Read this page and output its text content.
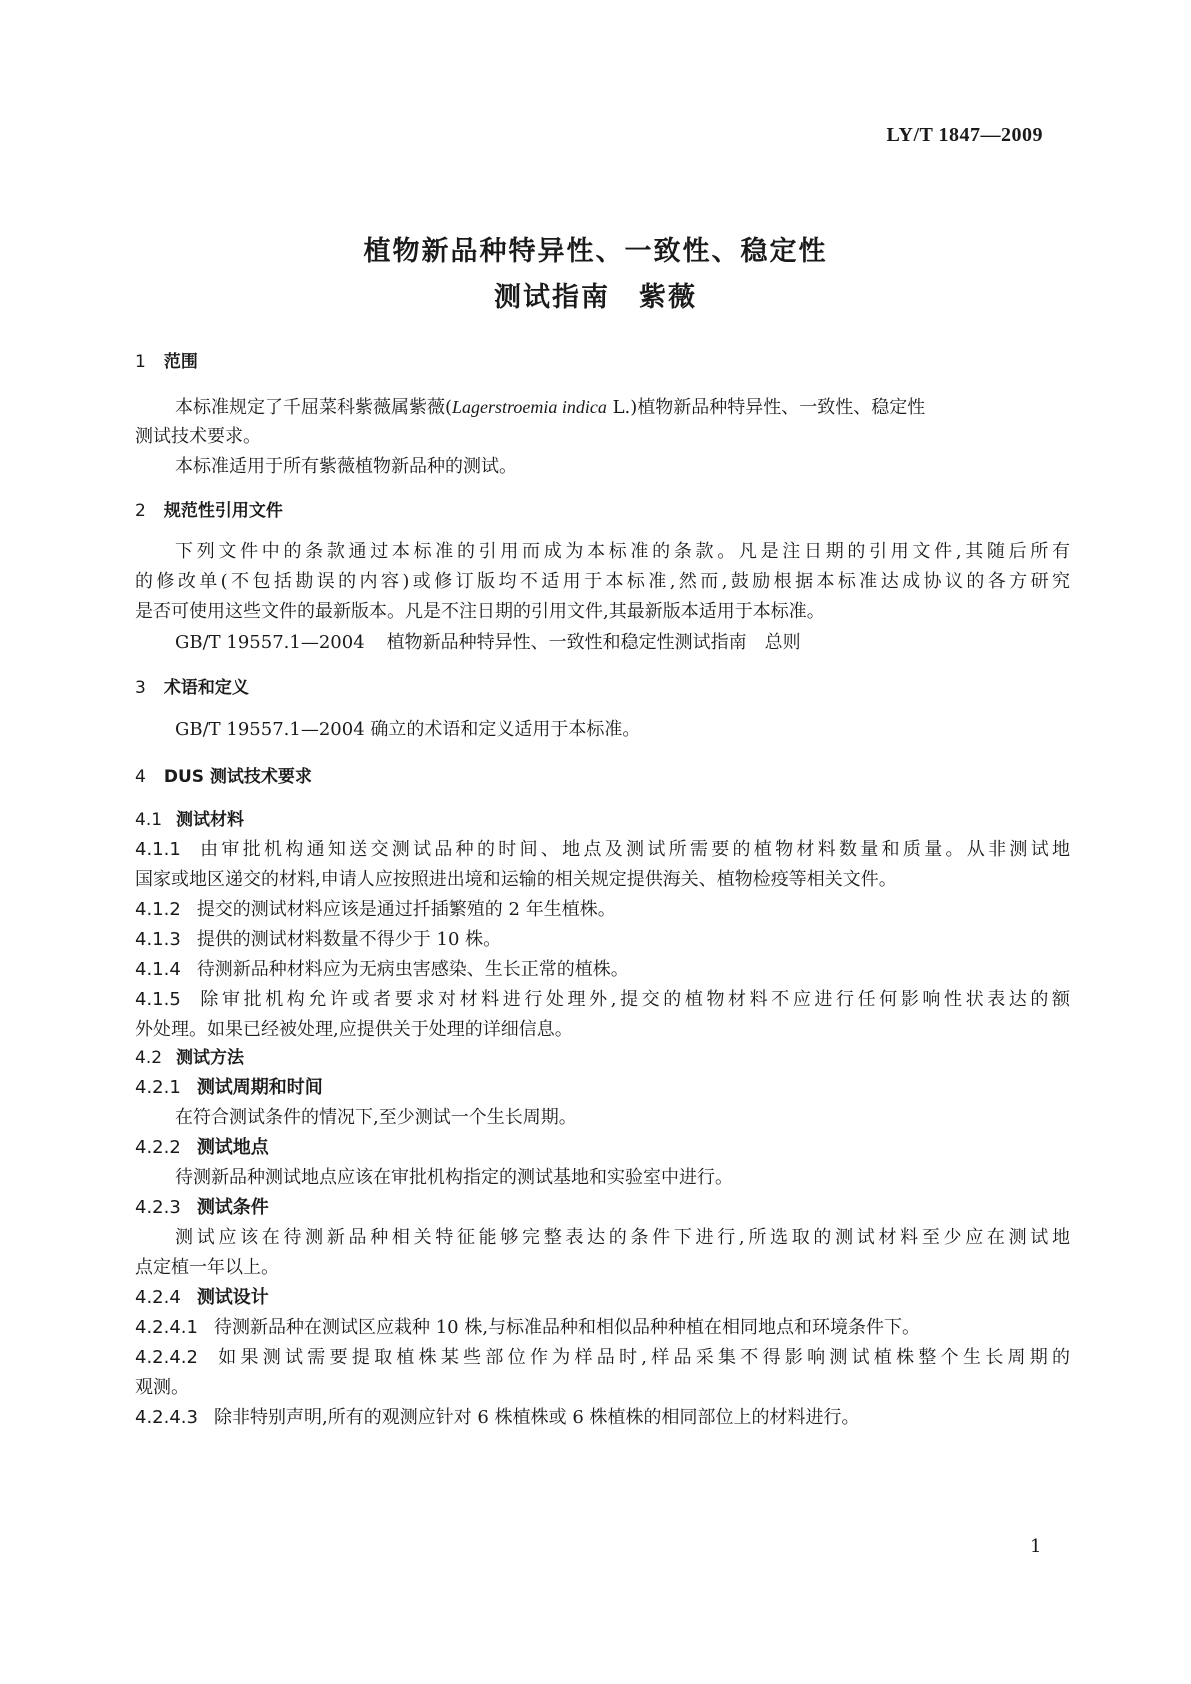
LY/T 1847—2009
植物新品种特异性、一致性、稳定性
测试指南　紫薇
1 范围
本标准规定了千屈菜科紫薇属紫薇(Lagerstroemia indica L.)植物新品种特异性、一致性、稳定性
测试技术要求。
本标准适用于所有紫薇植物新品种的测试。
2 规范性引用文件
下列文件中的条款通过本标准的引用而成为本标准的条款。凡是注日期的引用文件,其随后所有
的修改单(不包括勘误的内容)或修订版均不适用于本标准,然而,鼓励根据本标准达成协议的各方研究
是否可使用这些文件的最新版本。凡是不注日期的引用文件,其最新版本适用于本标准。
GB/T 19557.1—2004 植物新品种特异性、一致性和稳定性测试指南　总则
3 术语和定义
GB/T 19557.1—2004 确立的术语和定义适用于本标准。
4 DUS 测试技术要求
4.1 测试材料
4.1.1 由审批机构通知送交测试品种的时间、地点及测试所需要的植物材料数量和质量。从非测试地
国家或地区递交的材料,申请人应按照进出境和运输的相关规定提供海关、植物检疫等相关文件。
4.1.2 提交的测试材料应该是通过扦插繁殖的 2 年生植株。
4.1.3 提供的测试材料数量不得少于 10 株。
4.1.4 待测新品种材料应为无病虫害感染、生长正常的植株。
4.1.5 除审批机构允许或者要求对材料进行处理外,提交的植物材料不应进行任何影响性状表达的额
外处理。如果已经被处理,应提供关于处理的详细信息。
4.2 测试方法
4.2.1 测试周期和时间
在符合测试条件的情况下,至少测试一个生长周期。
4.2.2 测试地点
待测新品种测试地点应该在审批机构指定的测试基地和实验室中进行。
4.2.3 测试条件
测试应该在待测新品种相关特征能够完整表达的条件下进行,所选取的测试材料至少应在测试地
点定植一年以上。
4.2.4 测试设计
4.2.4.1 待测新品种在测试区应栽种 10 株,与标准品种和相似品种种植在相同地点和环境条件下。
4.2.4.2 如果测试需要提取植株某些部位作为样品时,样品采集不得影响测试植株整个生长周期的
观测。
4.2.4.3 除非特别声明,所有的观测应针对 6 株植株或 6 株植株的相同部位上的材料进行。
1
